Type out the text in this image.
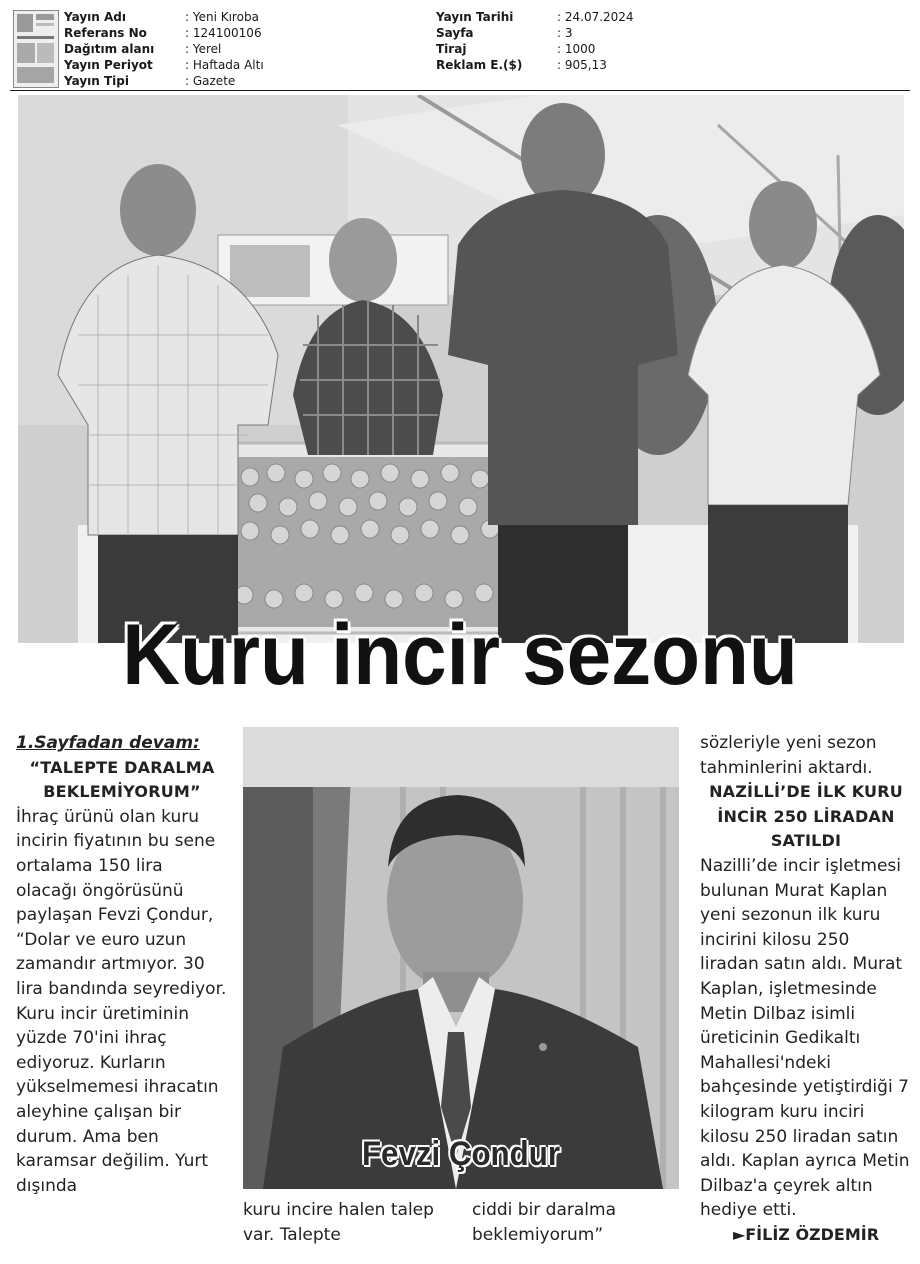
Yayın Adı	: Yeni Kıroba
Referans No	: 124100106
Dağıtım alanı	: Yerel
Yayın Periyot	: Haftada Altı
Yayın Tipi	: Gazete
Yayın Tarihi	: 24.07.2024
Sayfa	: 3
Tiraj	: 1000
Reklam E.($)	: 905,13
Kuru incir sezonu

1.Sayfadan devam:

“TALEPTE DARALMA BEKLEMİYORUM”

İhraç ürünü olan kuru incirin fiyatının bu sene ortalama 150 lira olacağı öngörüsünü paylaşan Fevzi Çondur, “Dolar ve euro uzun zamandır artmıyor. 30 lira bandında seyrediyor. Kuru incir üretiminin yüzde 70'ini ihraç ediyoruz. Kurların yükselmemesi ihracatın aleyhine çalışan bir durum. Ama ben karamsar değilim. Yurt dışında

Fevzi Çondur
kuru incire halen talep var. Talepte
ciddi bir daralma beklemiyorum”

sözleriyle yeni sezon tahminlerini aktardı.

NAZİLLİ’DE İLK KURU İNCİR 250 LİRADAN SATILDI

Nazilli’de incir işletmesi bulunan Murat Kaplan yeni sezonun ilk kuru incirini kilosu 250 liradan satın aldı. Murat Kaplan, işletmesinde Metin Dilbaz isimli üreticinin Gedikaltı Mahallesi'ndeki bahçesinde yetiştirdiği 7 kilogram kuru inciri kilosu 250 liradan satın aldı. Kaplan ayrıca Metin Dilbaz'a çeyrek altın hediye etti.

►FİLİZ ÖZDEMİR
